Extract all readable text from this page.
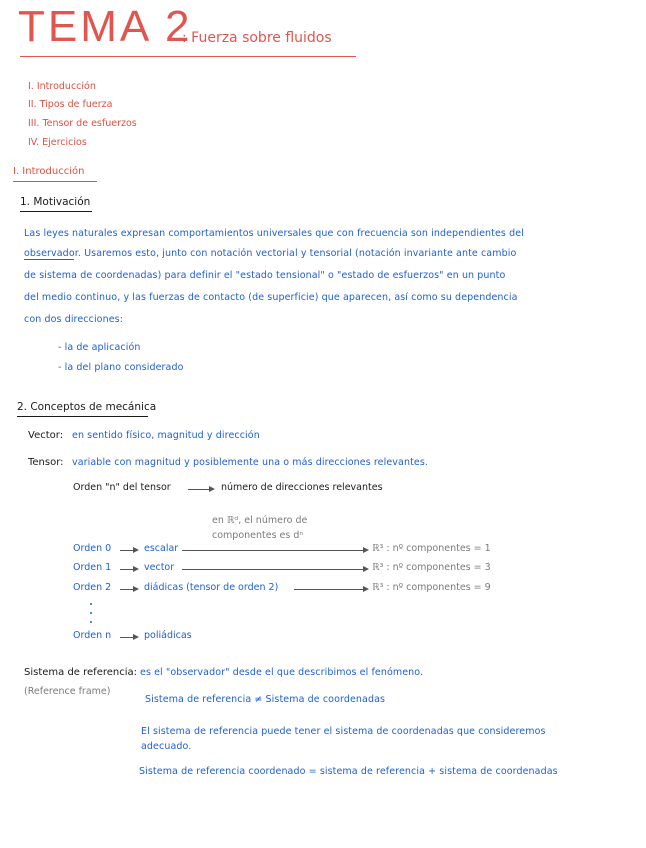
TEMA 2
: Fuerza sobre fluidos
I. Introducción
II. Tipos de fuerza
III. Tensor de esfuerzos
IV. Ejercicios
I. Introducción
1. Motivación
Las leyes naturales expresan comportamientos universales que con frecuencia son independientes del
observador. Usaremos esto, junto con notación vectorial y tensorial (notación invariante ante cambio
de sistema de coordenadas) para definir el "estado tensional" o "estado de esfuerzos" en un punto
del medio continuo, y las fuerzas de contacto (de superficie) que aparecen, así como su dependencia
con dos direcciones:
- la de aplicación
- la del plano considerado
2. Conceptos de mecánica
Vector: en sentido físico, magnitud y dirección
Tensor: variable con magnitud y posiblemente una o más direcciones relevantes.
Orden "n" del tensor	número de direcciones relevantes
en ℝᵈ, el número de
componentes es dⁿ
Orden 0	escalar	ℝ³ : nº componentes = 1
Orden 1	vector	ℝ³ : nº componentes = 3
Orden 2	diádicas (tensor de orden 2)	ℝ³ : nº componentes = 9
Orden n	poliádicas
Sistema de referencia: es el "observador" desde el que describimos el fenómeno.
(Reference frame)
Sistema de referencia ≠ Sistema de coordenadas
El sistema de referencia puede tener el sistema de coordenadas que consideremos
adecuado.
Sistema de referencia coordenado = sistema de referencia + sistema de coordenadas
